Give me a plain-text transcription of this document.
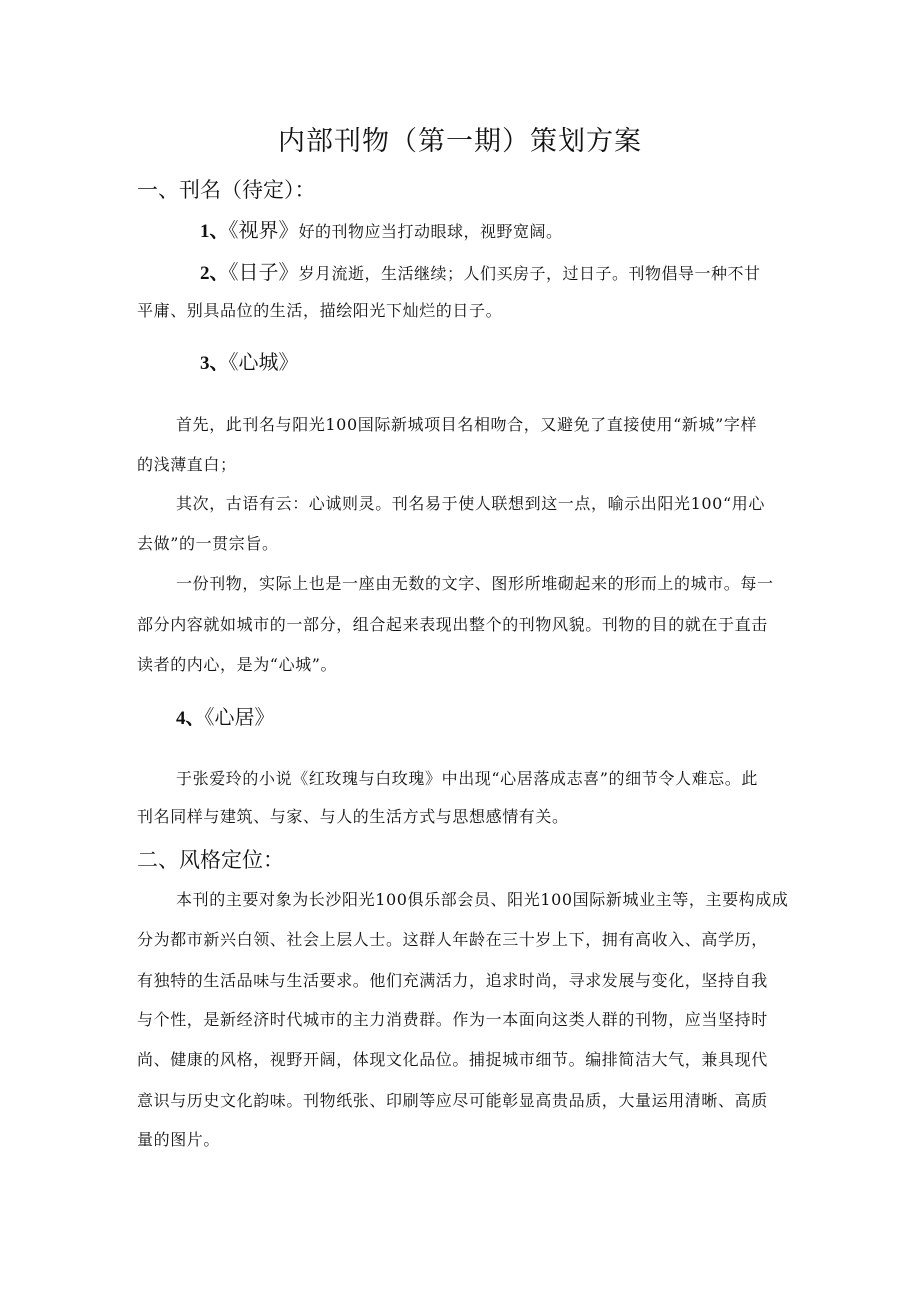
内部刊物（第一期）策划方案
一、刊名（待定）：
1、《视界》好的刊物应当打动眼球，视野宽阔。
2、《日子》岁月流逝，生活继续；人们买房子，过日子。刊物倡导一种不甘
平庸、别具品位的生活，描绘阳光下灿烂的日子。
3、《心城》
首先，此刊名与阳光100国际新城项目名相吻合，又避免了直接使用“新城”字样
的浅薄直白；
其次，古语有云：心诚则灵。刊名易于使人联想到这一点，喻示出阳光100“用心
去做”的一贯宗旨。
一份刊物，实际上也是一座由无数的文字、图形所堆砌起来的形而上的城市。每一
部分内容就如城市的一部分，组合起来表现出整个的刊物风貌。刊物的目的就在于直击
读者的内心，是为“心城”。
4、《心居》
于张爱玲的小说《红玫瑰与白玫瑰》中出现“心居落成志喜”的细节令人难忘。此
刊名同样与建筑、与家、与人的生活方式与思想感情有关。
二、风格定位：
本刊的主要对象为长沙阳光100俱乐部会员、阳光100国际新城业主等，主要构成成
分为都市新兴白领、社会上层人士。这群人年龄在三十岁上下，拥有高收入、高学历，
有独特的生活品味与生活要求。他们充满活力，追求时尚，寻求发展与变化，坚持自我
与个性，是新经济时代城市的主力消费群。作为一本面向这类人群的刊物，应当坚持时
尚、健康的风格，视野开阔，体现文化品位。捕捉城市细节。编排简洁大气，兼具现代
意识与历史文化韵味。刊物纸张、印刷等应尽可能彰显高贵品质，大量运用清晰、高质
量的图片。
